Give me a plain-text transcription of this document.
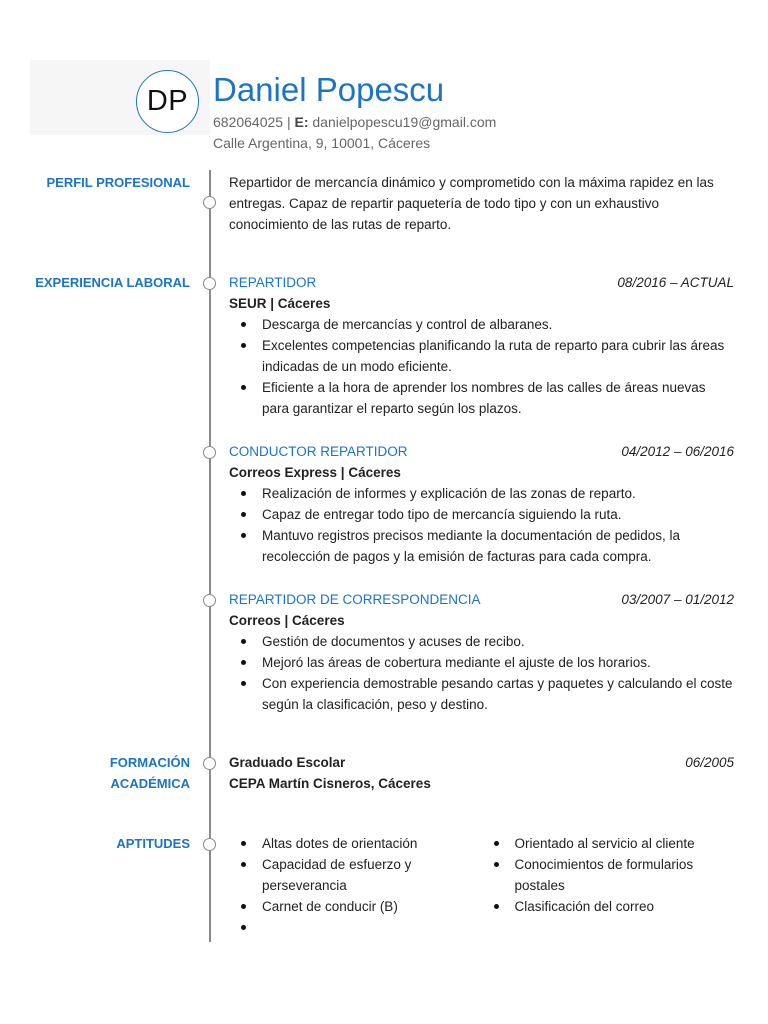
DP Daniel Popescu
682064025 | E: danielpopescu19@gmail.com
Calle Argentina, 9, 10001, Cáceres
PERFIL PROFESIONAL	Repartidor de mercancía dinámico y comprometido con la máxima rapidez en las
entregas. Capaz de repartir paquetería de todo tipo y con un exhaustivo
conocimiento de las rutas de reparto.
EXPERIENCIA LABORAL	REPARTIDOR	08/2016 – ACTUAL
SEUR | Cáceres
Descarga de mercancías y control de albaranes.
Excelentes competencias planificando la ruta de reparto para cubrir las áreas
indicadas de un modo eficiente.
Eficiente a la hora de aprender los nombres de las calles de áreas nuevas
para garantizar el reparto según los plazos.
CONDUCTOR REPARTIDOR	04/2012 – 06/2016
Correos Express | Cáceres
Realización de informes y explicación de las zonas de reparto.
Capaz de entregar todo tipo de mercancía siguiendo la ruta.
Mantuvo registros precisos mediante la documentación de pedidos, la
recolección de pagos y la emisión de facturas para cada compra.
REPARTIDOR DE CORRESPONDENCIA	03/2007 – 01/2012
Correos | Cáceres
Gestión de documentos y acuses de recibo.
Mejoró las áreas de cobertura mediante el ajuste de los horarios.
Con experiencia demostrable pesando cartas y paquetes y calculando el coste
según la clasificación, peso y destino.
FORMACIÓN
ACADÉMICA
Graduado Escolar	06/2005
CEPA Martín Cisneros, Cáceres
APTITUDES	Altas dotes de orientación
Capacidad de esfuerzo y
perseverancia
Carnet de conducir (B)

Orientado al servicio al cliente
Conocimientos de formularios
postales
Clasificación del correo
